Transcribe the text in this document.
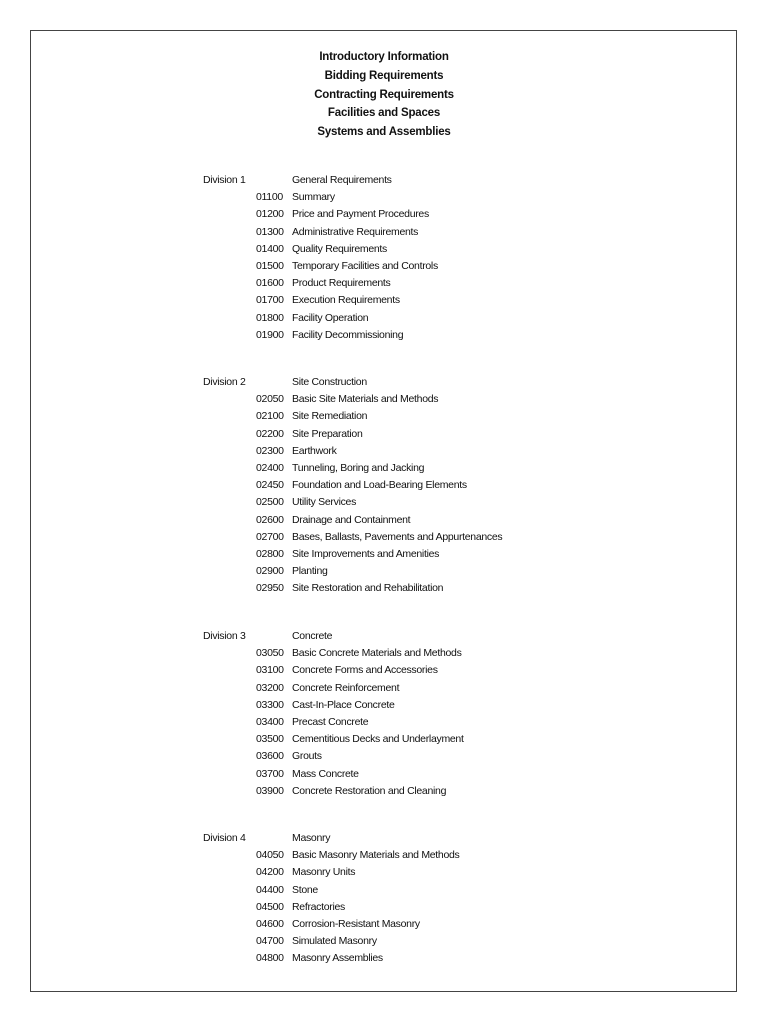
Introductory Information
Bidding Requirements
Contracting Requirements
Facilities and Spaces
Systems and Assemblies
Division 1	General Requirements
01100 Summary
01200 Price and Payment Procedures
01300 Administrative Requirements
01400 Quality Requirements
01500 Temporary Facilities and Controls
01600 Product Requirements
01700 Execution Requirements
01800 Facility Operation
01900 Facility Decommissioning
Division 2	Site Construction
02050 Basic Site Materials and Methods
02100 Site Remediation
02200 Site Preparation
02300 Earthwork
02400 Tunneling, Boring and Jacking
02450 Foundation and Load-Bearing Elements
02500 Utility Services
02600 Drainage and Containment
02700 Bases, Ballasts, Pavements and Appurtenances
02800 Site Improvements and Amenities
02900 Planting
02950 Site Restoration and Rehabilitation
Division 3	Concrete
03050 Basic Concrete Materials and Methods
03100 Concrete Forms and Accessories
03200 Concrete Reinforcement
03300 Cast-In-Place Concrete
03400 Precast Concrete
03500 Cementitious Decks and Underlayment
03600 Grouts
03700 Mass Concrete
03900 Concrete Restoration and Cleaning
Division 4	Masonry
04050 Basic Masonry Materials and Methods
04200 Masonry Units
04400 Stone
04500 Refractories
04600 Corrosion-Resistant Masonry
04700 Simulated Masonry
04800 Masonry Assemblies
